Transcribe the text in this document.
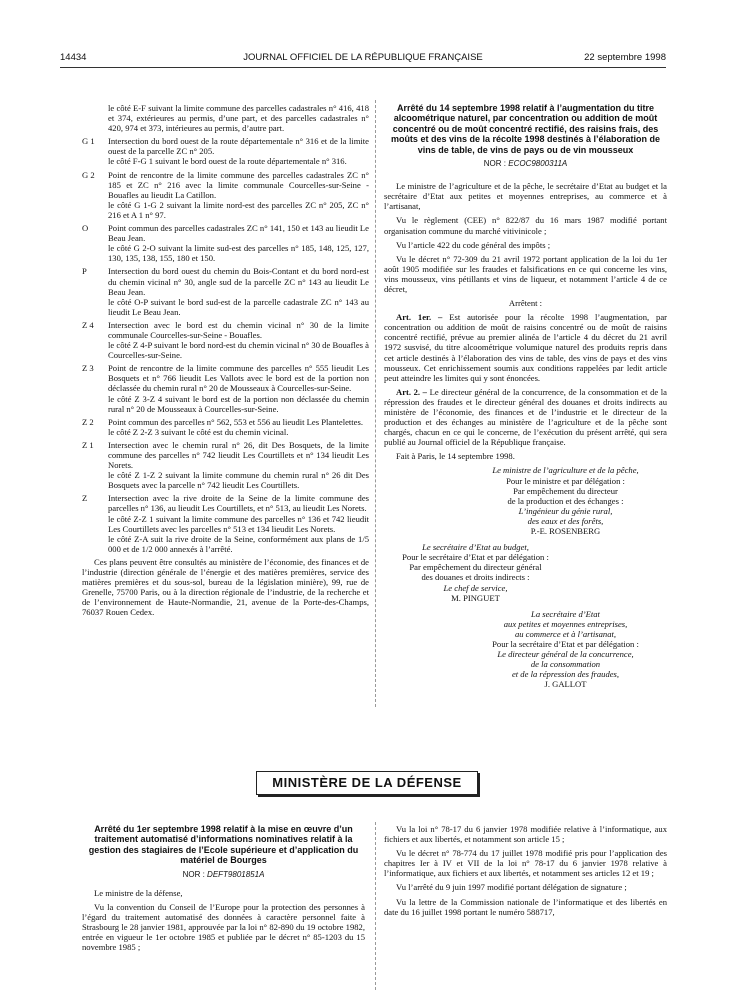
14434	JOURNAL OFFICIEL DE LA RÉPUBLIQUE FRANÇAISE	22 septembre 1998

le côté E-F suivant la limite commune des parcelles cadastrales n° 416, 418 et 374, extérieures au permis, d’une part, et des parcelles cadastrales n° 420, 974 et 373, intérieures au permis, d’autre part.

G 1	Intersection du bord ouest de la route départementale n° 316 et de la limite ouest de la parcelle ZC n° 205.

le côté F-G 1 suivant le bord ouest de la route départementale n° 316.

G 2	Point de rencontre de la limite commune des parcelles cadastrales ZC n° 185 et ZC n° 216 avec la limite communale Courcelles-sur-Seine - Bouafles au lieudit La Catillon.

le côté G 1-G 2 suivant la limite nord-est des parcelles ZC n° 205, ZC n° 216 et A 1 n° 97.

O	Point commun des parcelles cadastrales ZC n° 141, 150 et 143 au lieudit Le Beau Jean.

le côté G 2-O suivant la limite sud-est des parcelles n° 185, 148, 125, 127, 130, 135, 138, 155, 180 et 150.

P	Intersection du bord ouest du chemin du Bois-Contant et du bord nord-est du chemin vicinal n° 30, angle sud de la parcelle ZC n° 143 au lieudit Le Beau Jean.

le côté O-P suivant le bord sud-est de la parcelle cadastrale ZC n° 143 au lieudit Le Beau Jean.

Z 4	Intersection avec le bord est du chemin vicinal n° 30 de la limite communale Courcelles-sur-Seine - Bouafles.

le côté Z 4-P suivant le bord nord-est du chemin vicinal n° 30 de Bouafles à Courcelles-sur-Seine.

Z 3	Point de rencontre de la limite commune des parcelles n° 555 lieudit Les Bosquets et n° 766 lieudit Les Vallots avec le bord est de la portion non déclassée du chemin rural n° 20 de Mousseaux à Courcelles-sur-Seine.

le côté Z 3-Z 4 suivant le bord est de la portion non déclassée du chemin rural n° 20 de Mousseaux à Courcelles-sur-Seine.

Z 2	Point commun des parcelles n° 562, 553 et 556 au lieudit Les Plantelettes.

le côté Z 2-Z 3 suivant le côté est du chemin vicinal.

Z 1	Intersection avec le chemin rural n° 26, dit Des Bosquets, de la limite commune des parcelles n° 742 lieudit Les Courtillets et n° 134 lieudit Les Norets.

le côté Z 1-Z 2 suivant la limite commune du chemin rural n° 26 dit Des Bosquets avec la parcelle n° 742 lieudit Les Courtillets.

Z	Intersection avec la rive droite de la Seine de la limite commune des parcelles n° 136, au lieudit Les Courtillets, et n° 513, au lieudit Les Norets.

le côté Z-Z 1 suivant la limite commune des parcelles n° 136 et 742 lieudit Les Courtillets avec les parcelles n° 513 et 134 lieudit Les Norets.

le côté Z-A suit la rive droite de la Seine, conformément aux plans de 1/5 000 et de 1/2 000 annexés à l’arrêté.

Ces plans peuvent être consultés au ministère de l’économie, des finances et de l’industrie (direction générale de l’énergie et des matières premières, service des matières premières et du sous-sol, bureau de la législation minière), 99, rue de Grenelle, 75700 Paris, ou à la direction régionale de l’industrie, de la recherche et de l’environnement de Haute-Normandie, 21, avenue de la Porte-des-Champs, 76037 Rouen Cedex.

Arrêté du 14 septembre 1998 relatif à l’augmentation du titre alcoométrique naturel, par concentration ou addition de moût concentré ou de moût concentré rectifié, des raisins frais, des moûts et des vins de la récolte 1998 destinés à l’élaboration de vins de table, de vins de pays ou de vin mousseux

NOR : ECOC9800311A

Le ministre de l’agriculture et de la pêche, le secrétaire d’Etat au budget et la secrétaire d’Etat aux petites et moyennes entreprises, au commerce et à l’artisanat,

Vu le règlement (CEE) n° 822/87 du 16 mars 1987 modifié portant organisation commune du marché vitivinicole ;

Vu l’article 422 du code général des impôts ;

Vu le décret n° 72-309 du 21 avril 1972 portant application de la loi du 1er août 1905 modifiée sur les fraudes et falsifications en ce qui concerne les vins, vins mousseux, vins pétillants et vins de liqueur, et notamment l’article 4 de ce décret,

Arrêtent :

Art. 1er. – Est autorisée pour la récolte 1998 l’augmentation, par concentration ou addition de moût de raisins concentré ou de moût de raisins concentré rectifié, prévue au premier alinéa de l’article 4 du décret du 21 avril 1972 susvisé, du titre alcoométrique volumique naturel des produits repris dans cet article destinés à l’élaboration des vins de table, des vins de pays et des vins mousseux. Cet enrichissement soumis aux conditions rappelées par ledit article peut atteindre les limites qui y sont énoncées.

Art. 2. – Le directeur général de la concurrence, de la consommation et de la répression des fraudes et le directeur général des douanes et droits indirects au ministère de l’économie, des finances et de l’industrie et le directeur de la production et des échanges au ministère de l’agriculture et de la pêche sont chargés, chacun en ce qui le concerne, de l’exécution du présent arrêté, qui sera publié au Journal officiel de la République française.

Fait à Paris, le 14 septembre 1998.

Le ministre de l’agriculture et de la pêche,

Pour le ministre et par délégation :

Par empêchement du directeur

de la production et des échanges :

L’ingénieur du génie rural,

des eaux et des forêts,

P.-E. ROSENBERG

Le secrétaire d’Etat au budget,

Pour le secrétaire d’Etat et par délégation :

Par empêchement du directeur général

des douanes et droits indirects :

Le chef de service,

M. PINGUET

La secrétaire d’Etat

aux petites et moyennes entreprises,

au commerce et à l’artisanat,

Pour la secrétaire d’Etat et par délégation :

Le directeur général de la concurrence,

de la consommation

et de la répression des fraudes,

J. GALLOT

MINISTÈRE DE LA DÉFENSE

Arrêté du 1er septembre 1998 relatif à la mise en œuvre d’un traitement automatisé d’informations nominatives relatif à la gestion des stagiaires de l’Ecole supérieure et d’application du matériel de Bourges

NOR : DEFT9801851A

Le ministre de la défense,

Vu la convention du Conseil de l’Europe pour la protection des personnes à l’égard du traitement automatisé des données à caractère personnel faite à Strasbourg le 28 janvier 1981, approuvée par la loi n° 82-890 du 19 octobre 1982, entrée en vigueur le 1er octobre 1985 et publiée par le décret n° 85-1203 du 15 novembre 1985 ;

Vu la loi n° 78-17 du 6 janvier 1978 modifiée relative à l’informatique, aux fichiers et aux libertés, et notamment son article 15 ;

Vu le décret n° 78-774 du 17 juillet 1978 modifié pris pour l’application des chapitres Ier à IV et VII de la loi n° 78-17 du 6 janvier 1978 relative à l’informatique, aux fichiers et aux libertés, et notamment ses articles 12 et 19 ;

Vu l’arrêté du 9 juin 1997 modifié portant délégation de signature ;

Vu la lettre de la Commission nationale de l’informatique et des libertés en date du 16 juillet 1998 portant le numéro 588717,
